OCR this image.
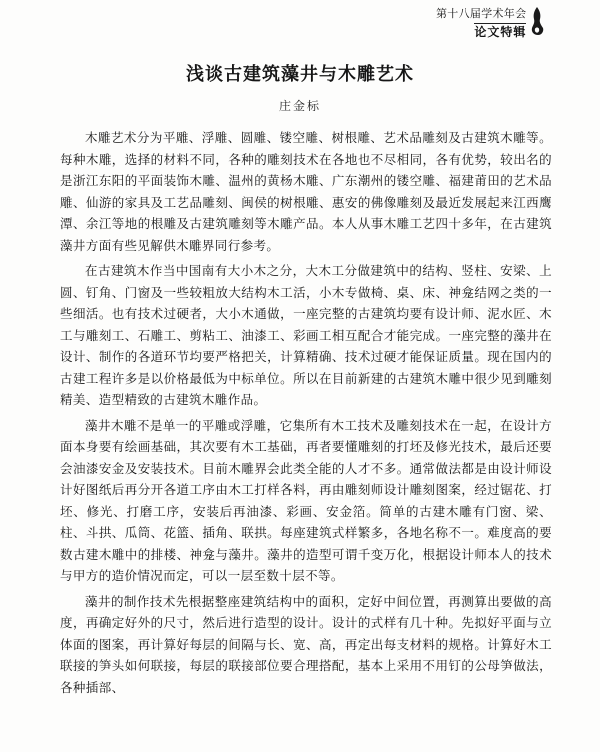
第十八届学术年会
论文特辑
浅谈古建筑藻井与木雕艺术
庄金标

木雕艺术分为平雕、浮雕、圆雕、镂空雕、树根雕、艺术品雕刻及古建筑木雕等。每种木雕，选择的材料不同，各种的雕刻技术在各地也不尽相同，各有优势，较出名的是浙江东阳的平面装饰木雕、温州的黄杨木雕、广东潮州的镂空雕、福建莆田的艺术品雕、仙游的家具及工艺品雕刻、闽侯的树根雕、惠安的佛像雕刻及最近发展起来江西鹰潭、余江等地的根雕及古建筑雕刻等木雕产品。本人从事木雕工艺四十多年，在古建筑藻井方面有些见解供木雕界同行参考。

在古建筑木作当中国南有大小木之分，大木工分做建筑中的结构、竖柱、安梁、上圆、钉角、门窗及一些较粗放大结构木工活，小木专做椅、桌、床、神龛结网之类的一些细活。也有技术过硬者，大小木通做，一座完整的古建筑均要有设计师、泥水匠、木工与雕刻工、石雕工、剪粘工、油漆工、彩画工相互配合才能完成。一座完整的藻井在设计、制作的各道环节均要严格把关，计算精确、技术过硬才能保证质量。现在国内的古建工程许多是以价格最低为中标单位。所以在目前新建的古建筑木雕中很少见到雕刻精美、造型精致的古建筑木雕作品。

藻井木雕不是单一的平雕或浮雕，它集所有木工技术及雕刻技术在一起，在设计方面本身要有绘画基础，其次要有木工基础，再者要懂雕刻的打坯及修光技术，最后还要会油漆安金及安装技术。目前木雕界会此类全能的人才不多。通常做法都是由设计师设计好图纸后再分开各道工序由木工打样各料，再由雕刻师设计雕刻图案，经过锯花、打坯、修光、打磨工序，安装后再油漆、彩画、安金箔。简单的古建木雕有门窗、梁、柱、斗拱、瓜筒、花篮、插角、联拱。每座建筑式样繁多，各地名称不一。难度高的要数古建木雕中的排楼、神龛与藻井。藻井的造型可谓千变万化，根据设计师本人的技术与甲方的造价情况而定，可以一层至数十层不等。

藻井的制作技术先根据整座建筑结构中的面积，定好中间位置，再测算出要做的高度，再确定好外的尺寸，然后进行造型的设计。设计的式样有几十种。先拟好平面与立体面的图案，再计算好每层的间隔与长、宽、高，再定出每支材料的规格。计算好木工联接的笋头如何联接，每层的联接部位要合理搭配，基本上采用不用钉的公母笋做法，各种插部、
